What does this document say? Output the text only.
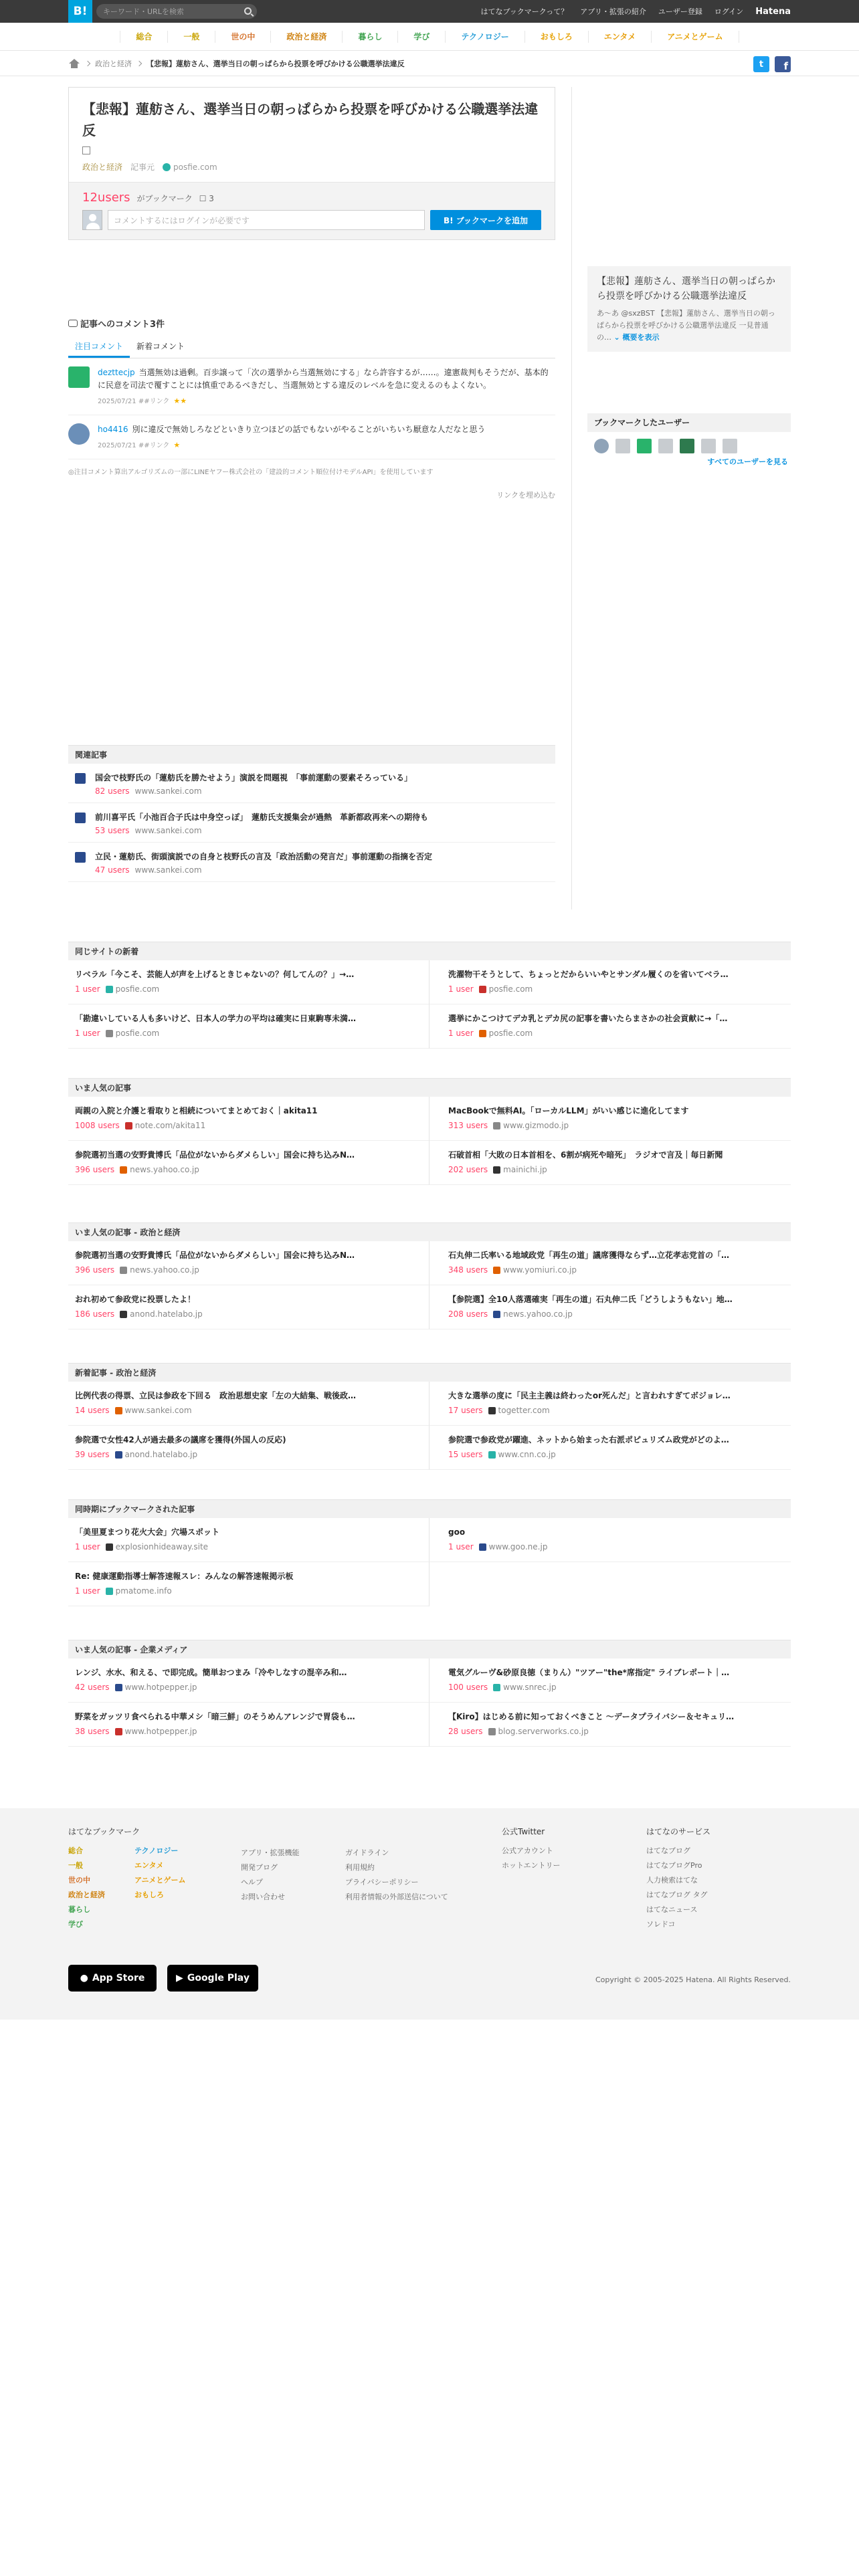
B!	キーワード・URLを検索	はてなブックマークって？ アプリ・拡張の紹介 ユーザー登録 ログイン Hatena
総合	一般	世の中	政治と経済	暮らし	学び	テクノロジー	おもしろ	エンタメ	アニメとゲーム
政治と経済 【悲報】蓮舫さん、選挙当日の朝っぱらから投票を呼びかける公職選挙法違反	t	f
【悲報】蓮舫さん、選挙当日の朝っぱらから投票を呼びかける公職選挙法違反
政治と経済 記事元	posfie.com
12users がブックマーク ☐ 3
コメントするにはログインが必要です	B! ブックマークを追加
記事へのコメント3件
注目コメント	新着コメント
dezttecjp 当選無効は過剰。百歩譲って「次の選挙から当選無効にする」なら許容するが……。違憲裁判もそうだが、基本的に民意を司法で覆すことには慎重であるべきだし、当選無効とする違反のレベルを急に変えるのもよくない。
2025/07/21 ##リンク ★★
ho4416 別に違反で無効しろなどといきり立つほどの話でもないがやることがいちいち厭意な人だなと思う
2025/07/21 ##リンク ★
◎注目コメント算出アルゴリズムの一部にLINEヤフー株式会社の「建設的コメント順位付けモデルAPI」を使用しています
リンクを埋め込む
関連記事
国会で枝野氏の「蓮舫氏を勝たせよう」演説を問題視　「事前運動の要素そろっている」
82 users www.sankei.com
前川喜平氏「小池百合子氏は中身空っぽ」　蓮舫氏支援集会が過熱　革新都政再来への期待も
53 users www.sankei.com
立民・蓮舫氏、街頭演説での自身と枝野氏の言及「政治活動の発言だ」事前運動の指摘を否定
47 users www.sankei.com
【悲報】蓮舫さん、選挙当日の朝っぱらから投票を呼びかける公職選挙法違反

あ～あ @sxzBST 【悲報】蓮舫さん、選挙当日の朝っぱらから投票を呼びかける公職選挙法違反 一見普通の… ⌄ 概要を表示

ブックマークしたユーザー
すべてのユーザーを見る
同じサイトの新着
リベラル「今こそ、芸能人が声を上げるときじゃないの？何してんの？」→…
1 user posfie.com
洗濯物干そうとして、ちょっとだからいいやとサンダル履くのを省いてベラ…
1 user posfie.com
「勘違いしている人も多いけど、日本人の学力の平均は確実に日東駒専未満…
1 user posfie.com
選挙にかこつけてデカ乳とデカ尻の記事を書いたらまさかの社会貢献に→「…
1 user posfie.com
いま人気の記事
両親の入院と介護と看取りと相続についてまとめておく｜akita11
1008 users note.com/akita11
MacBookで無料AI。「ローカルLLM」がいい感じに進化してます
313 users www.gizmodo.jp
参院選初当選の安野貴博氏「品位がないからダメらしい」国会に持ち込みN…
396 users news.yahoo.co.jp
石破首相「大敗の日本首相を、6割が病死や暗死」　ラジオで言及｜毎日新聞
202 users mainichi.jp
いま人気の記事 - 政治と経済
参院選初当選の安野貴博氏「品位がないからダメらしい」国会に持ち込みN…
396 users news.yahoo.co.jp
石丸伸二氏率いる地域政党「再生の道」議席獲得ならず…立花孝志党首の「…
348 users www.yomiuri.co.jp
おれ初めて参政党に投票したよ！
186 users anond.hatelabo.jp
【参院選】全10人落選確実「再生の道」石丸伸二氏「どうしようもない」地…
208 users news.yahoo.co.jp
新着記事 - 政治と経済
比例代表の得票、立民は参政を下回る　政治思想史家「左の大結集、戦後政…
14 users www.sankei.com
大きな選挙の度に「民主主義は終わったor死んだ」と言われすぎてボジョレ…
17 users togetter.com
参院選で女性42人が過去最多の議席を獲得(外国人の反応)
39 users anond.hatelabo.jp
参院選で参政党が躍進、ネットから始まった右派ポピュリズム政党がどのよ…
15 users www.cnn.co.jp
同時期にブックマークされた記事
「美里夏まつり花火大会」穴場スポット
1 user explosionhideaway.site
goo
1 user www.goo.ne.jp
Re: 健康運動指導士解答速報スレ：みんなの解答速報掲示板
1 user pmatome.info
いま人気の記事 - 企業メディア
レンジ、水水、和える、で即完成。簡単おつまみ「冷やしなすの混辛み和…
42 users www.hotpepper.jp
電気グルーヴ&砂原良徳（まりん）"ツアー"the*席指定" ライブレポート｜…
100 users www.snrec.jp
野菜をガッツリ食べられる中華メシ「暗三鮮」のそうめんアレンジで胃袋も…
38 users www.hotpepper.jp
【Kiro】はじめる前に知っておくべきこと ～データプライバシー＆セキュリ…
28 users blog.serverworks.co.jp
はてなブックマーク
総合
一般
世の中
政治と経済
暮らし
学び
テクノロジー
エンタメ
アニメとゲーム
おもしろ
アプリ・拡張機能
開発ブログ
ヘルプ
お問い合わせ
ガイドライン
利用規約
プライバシーポリシー
利用者情報の外部送信について
公式Twitter
公式アカウント
ホットエントリー
はてなのサービス
はてなブログ
はてなブログPro
人力検索はてな
はてなブログ タグ
はてなニュース
ソレドコ
● App Store	▶ Google Play	Copyright © 2005-2025 Hatena. All Rights Reserved.
